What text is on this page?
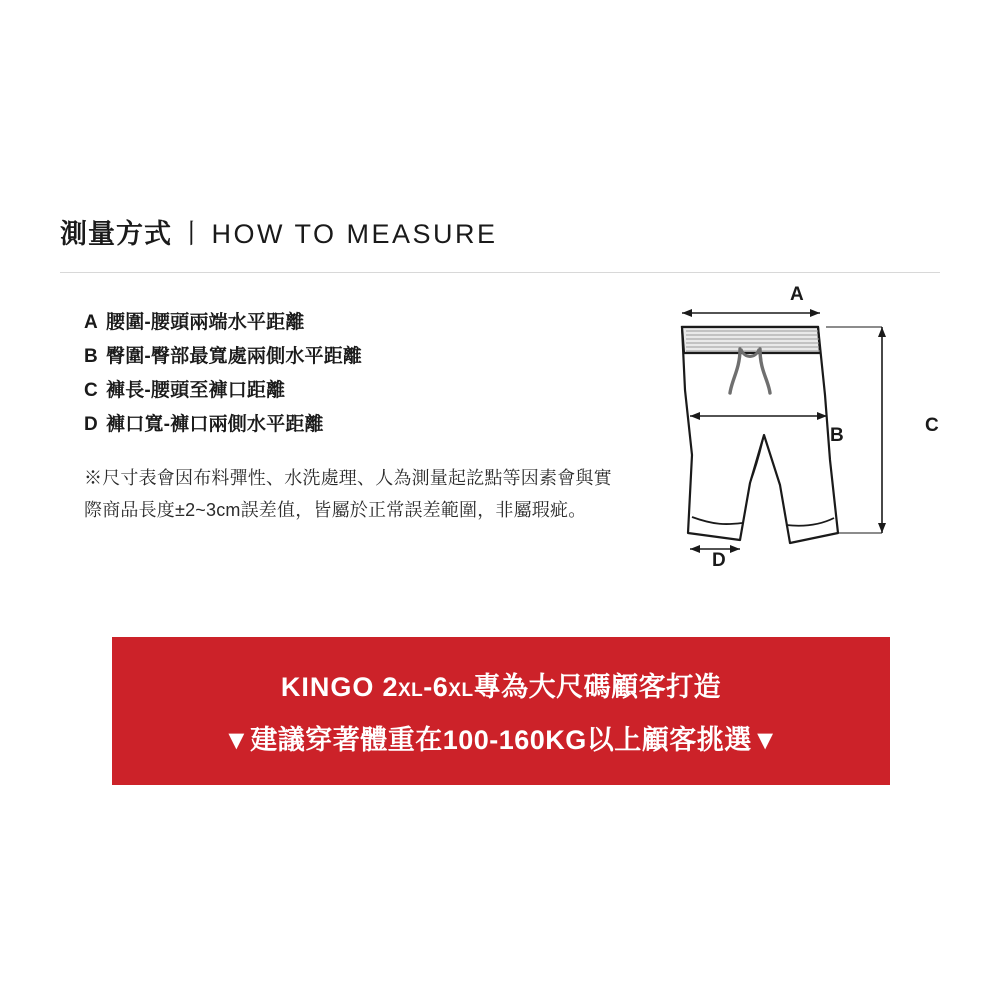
測量方式 丨 HOW TO MEASURE
A 腰圍-腰頭兩端水平距離
B 臀圍-臀部最寬處兩側水平距離
C 褲長-腰頭至褲口距離
D 褲口寬-褲口兩側水平距離
※尺寸表會因布料彈性、水洗處理、人為測量起訖點等因素會與實際商品長度±2~3cm誤差值，皆屬於正常誤差範圍，非屬瑕疵。
A
B	C
D
KINGO 2XL-6XL專為大尺碼顧客打造
▼建議穿著體重在100-160KG以上顧客挑選▼
